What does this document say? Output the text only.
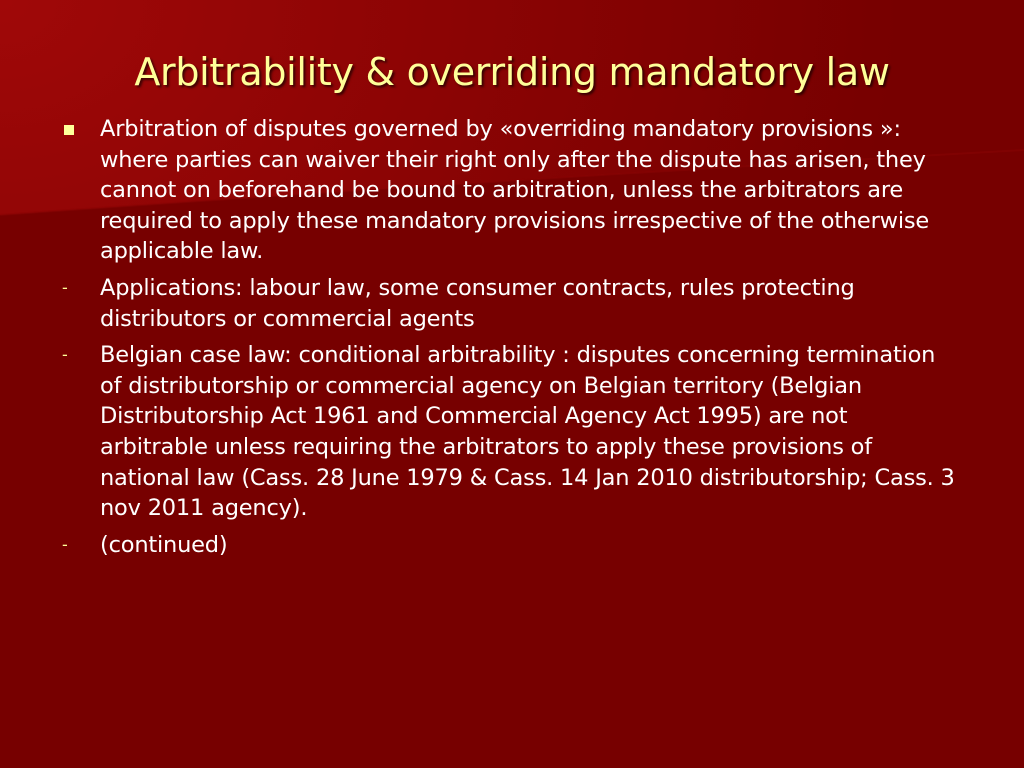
Arbitrability & overriding mandatory law
Arbitration of disputes governed by «overriding mandatory provisions »: where parties can waiver their right only after the dispute has arisen, they cannot on beforehand be bound to arbitration, unless the arbitrators are required to apply these mandatory provisions irrespective of the otherwise applicable law.
- Applications: labour law, some consumer contracts, rules protecting distributors or commercial agents
- Belgian case law: conditional arbitrability : disputes concerning termination of distributorship or commercial agency on Belgian territory (Belgian Distributorship Act 1961 and Commercial Agency Act 1995) are not arbitrable unless requiring the arbitrators to apply these provisions of national law (Cass. 28 June 1979 & Cass. 14 Jan 2010 distributorship; Cass. 3 nov 2011 agency).
- (continued)
